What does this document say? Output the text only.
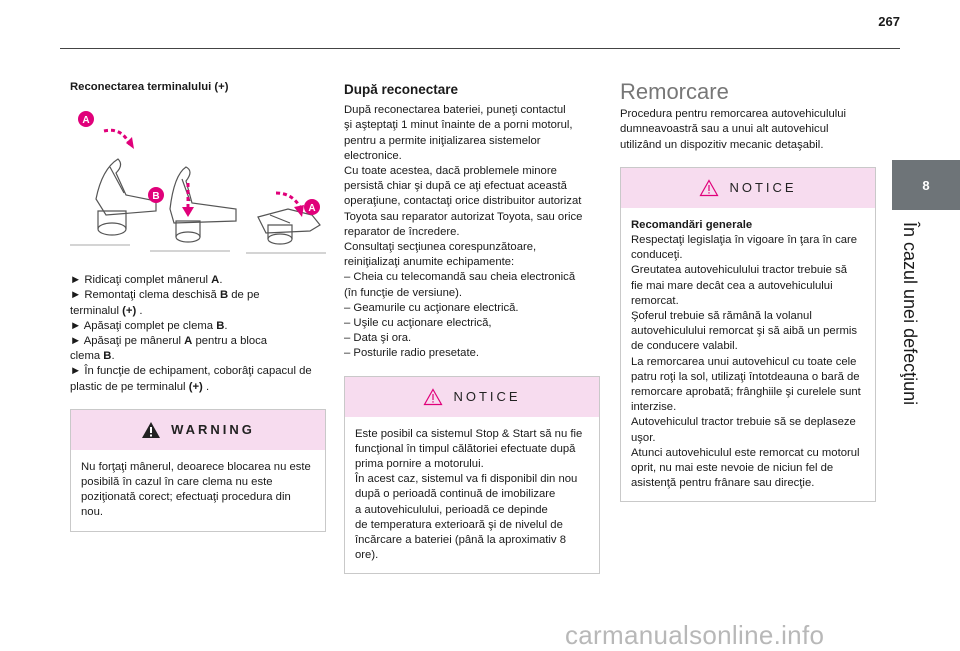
267
8
În cazul unei defecţiuni
Reconectarea terminalului (+)
A
B
A
► Ridicaţi complet mânerul A.
► Remontaţi clema deschisă B de pe
terminalul (+) .
► Apăsaţi complet pe clema B.
► Apăsaţi pe mânerul A pentru a bloca
clema B.
► În funcţie de echipament, coborâţi capacul de
plastic de pe terminalul (+) .
WARNING
Nu forţaţi mânerul, deoarece blocarea nu este
posibilă în cazul în care clema nu este
poziţionată corect; efectuaţi procedura din
nou.
După reconectare
După reconectarea bateriei, puneţi contactul
şi aşteptaţi 1 minut înainte de a porni motorul,
pentru a permite iniţializarea sistemelor
electronice.
Cu toate acestea, dacă problemele minore
persistă chiar şi după ce aţi efectuat această
operaţiune, contactaţi orice distribuitor autorizat
Toyota sau reparator autorizat Toyota, sau orice
reparator de încredere.
Consultaţi secţiunea corespunzătoare,
reiniţializaţi anumite echipamente:
– Cheia cu telecomandă sau cheia electronică
(în funcţie de versiune).
– Geamurile cu acţionare electrică.
– Uşile cu acţionare electrică,
– Data şi ora.
– Posturile radio presetate.
NOTICE
Este posibil ca sistemul Stop & Start să nu fie
funcţional în timpul călătoriei efectuate după
prima pornire a motorului.
În acest caz, sistemul va fi disponibil din nou
după o perioadă continuă de imobilizare
a autovehiculului, perioadă ce depinde
de temperatura exterioară şi de nivelul de
încărcare a bateriei (până la aproximativ 8
ore).
Remorcare
Procedura pentru remorcarea autovehiculului
dumneavoastră sau a unui alt autovehicul
utilizând un dispozitiv mecanic detaşabil.
NOTICE
Recomandări generale
Respectaţi legislaţia în vigoare în ţara în care
conduceţi.
Greutatea autovehiculului tractor trebuie să
fie mai mare decât cea a autovehiculului
remorcat.
Şoferul trebuie să rămână la volanul
autovehiculului remorcat şi să aibă un permis
de conducere valabil.
La remorcarea unui autovehicul cu toate cele
patru roţi la sol, utilizaţi întotdeauna o bară de
remorcare aprobată; frânghiile şi curelele sunt
interzise.
Autovehiculul tractor trebuie să se deplaseze
uşor.
Atunci autovehiculul este remorcat cu motorul
oprit, nu mai este nevoie de niciun fel de
asistenţă pentru frânare sau direcţie.
carmanualsonline.info
